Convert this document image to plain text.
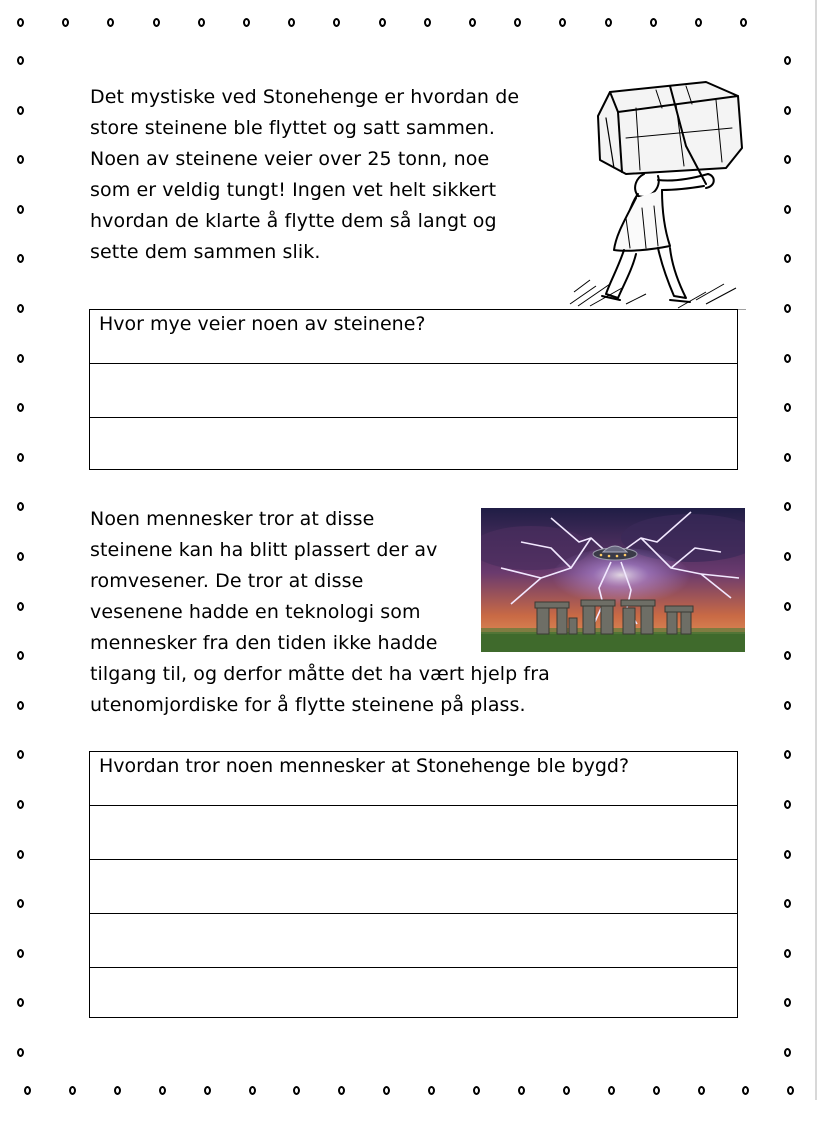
Det mystiske ved Stonehenge er hvordan de
store steinene ble flyttet og satt sammen.
Noen av steinene veier over 25 tonn, noe
som er veldig tungt! Ingen vet helt sikkert
hvordan de klarte å flytte dem så langt og
sette dem sammen slik.

Hvor mye veier noen av steinene?

Noen mennesker tror at disse
steinene kan ha blitt plassert der av
romvesener. De tror at disse
vesenene hadde en teknologi som
mennesker fra den tiden ikke hadde
tilgang til, og derfor måtte det ha vært hjelp fra
utenomjordiske for å flytte steinene på plass.

Hvordan tror noen mennesker at Stonehenge ble bygd?
